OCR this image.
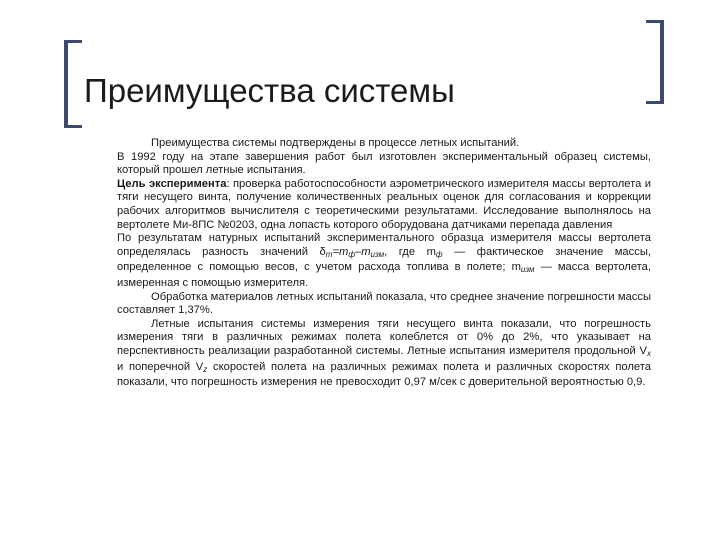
Преимущества системы

Преимущества системы подтверждены в процессе летных испытаний.

В 1992 году на этапе завершения работ был изготовлен экспериментальный образец системы, который прошел летные испытания.

Цель эксперимента: проверка работоспособности аэрометрического измерителя массы вертолета и тяги несущего винта, получение количественных реальных оценок для согласования и коррекции рабочих алгоритмов вычислителя с теоретическими результатами. Исследование выполнялось на вертолете Ми-8ПС №0203, одна лопасть которого оборудована датчиками перепада давления

По результатам натурных испытаний экспериментального образца измерителя массы вертолета определялась разность значений $\delta_m=m_ф-m_{изм}$, где $m_ф$ — фактическое значение массы, определенное с помощью весов, с учетом расхода топлива в полете; $m_{изм}$ — масса вертолета, измеренная с помощью измерителя.

Обработка материалов летных испытаний показала, что среднее значение погрешности массы составляет 1,37%.

Летные испытания системы измерения тяги несущего винта показали, что погрешность измерения тяги в различных режимах полета колеблется от 0% до 2%, что указывает на перспективность реализации разработанной системы. Летные испытания измерителя продольной $V_x$ и поперечной $V_z$ скоростей полета на различных режимах полета и различных скоростях полета показали, что погрешность измерения не превосходит 0,97 м/сек с доверительной вероятностью 0,9.
